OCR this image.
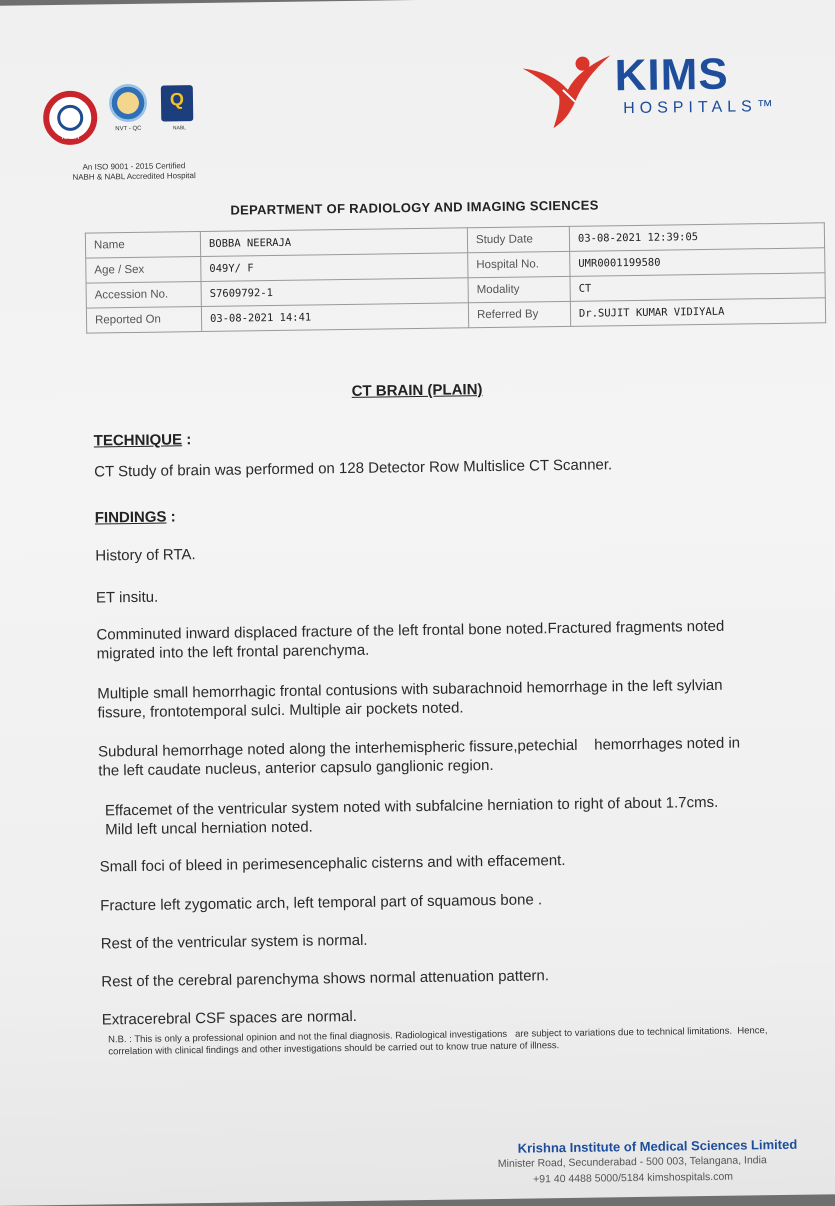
NABH
NVT - QC
Q
NABL
An ISO 9001 - 2015 Certified
NABH & NABL Accredited Hospital
KIMS
HOSPITALS™
DEPARTMENT OF RADIOLOGY AND IMAGING SCIENCES
Name	BOBBA NEERAJA	Study Date	03-08-2021 12:39:05
Age / Sex	049Y/ F	Hospital No.	UMR0001199580
Accession No.	S7609792-1	Modality	CT
Reported On	03-08-2021 14:41	Referred By	Dr.SUJIT KUMAR VIDIYALA
CT BRAIN (PLAIN)
TECHNIQUE :
CT Study of brain was performed on 128 Detector Row Multislice CT Scanner.
FINDINGS :
History of RTA.
ET insitu.
Comminuted inward displaced fracture of the left frontal bone noted.Fractured fragments noted migrated into the left frontal parenchyma.
Multiple small hemorrhagic frontal contusions with subarachnoid hemorrhage in the left sylvian fissure, frontotemporal sulci. Multiple air pockets noted.
Subdural hemorrhage noted along the interhemispheric fissure,petechial    hemorrhages noted in the left caudate nucleus, anterior capsulo ganglionic region.
Effacemet of the ventricular system noted with subfalcine herniation to right of about 1.7cms. Mild left uncal herniation noted.
Small foci of bleed in perimesencephalic cisterns and with effacement.
Fracture left zygomatic arch, left temporal part of squamous bone .
Rest of the ventricular system is normal.
Rest of the cerebral parenchyma shows normal attenuation pattern.
Extracerebral CSF spaces are normal.
N.B. : This is only a professional opinion and not the final diagnosis. Radiological investigations   are subject to variations due to technical limitations.  Hence, correlation with clinical findings and other investigations should be carried out to know true nature of illness.
Krishna Institute of Medical Sciences Limited
Minister Road, Secunderabad - 500 003, Telangana, India
+91 40 4488 5000/5184 kimshospitals.com
